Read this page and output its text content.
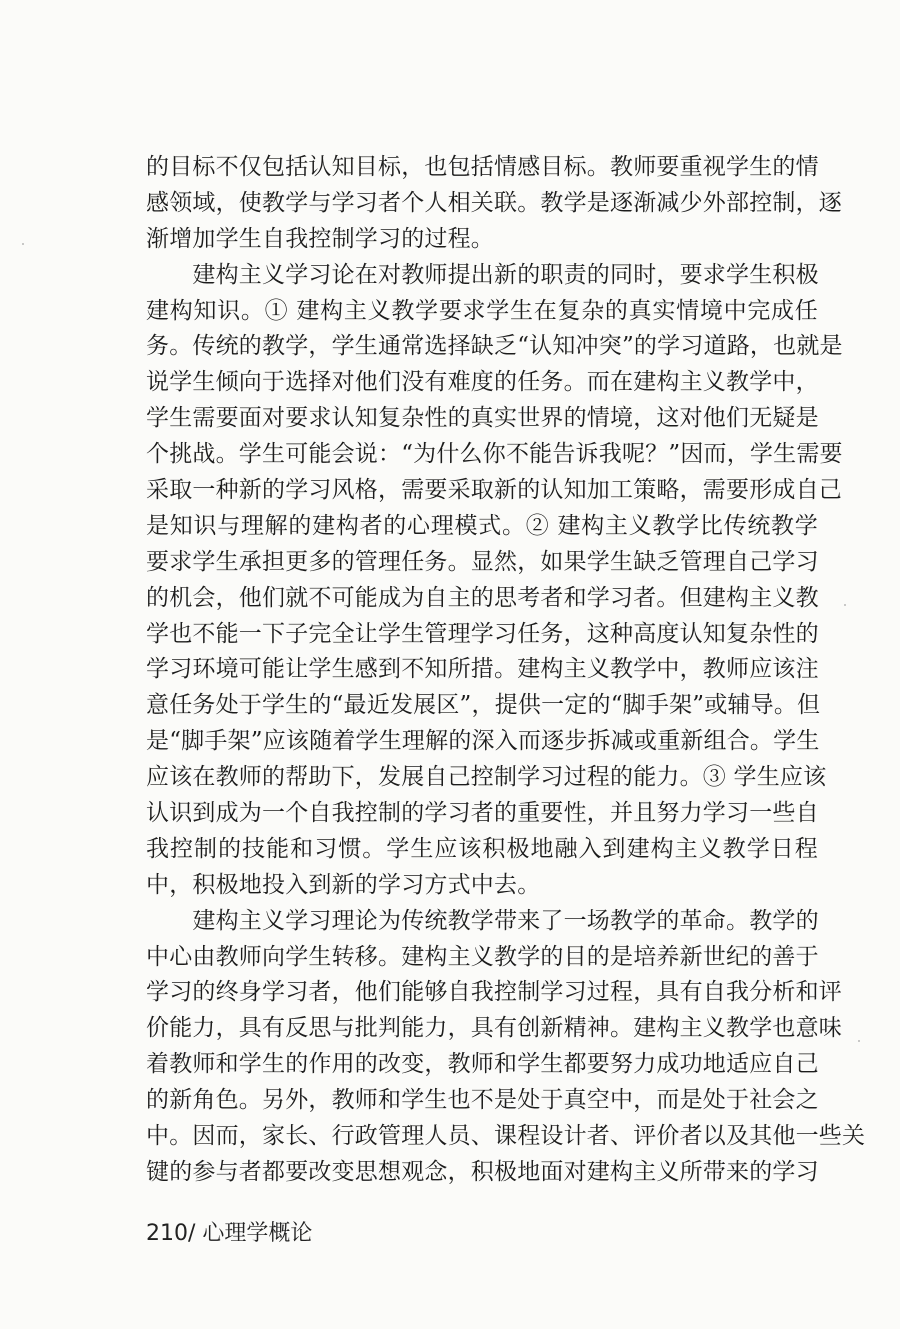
的目标不仅包括认知目标，也包括情感目标。教师要重视学生的情
感领域，使教学与学习者个人相关联。教学是逐渐减少外部控制，逐
渐增加学生自我控制学习的过程。
　　建构主义学习论在对教师提出新的职责的同时，要求学生积极
建构知识。① 建构主义教学要求学生在复杂的真实情境中完成任
务。传统的教学，学生通常选择缺乏“认知冲突”的学习道路，也就是
说学生倾向于选择对他们没有难度的任务。而在建构主义教学中，
学生需要面对要求认知复杂性的真实世界的情境，这对他们无疑是
个挑战。学生可能会说：“为什么你不能告诉我呢？”因而，学生需要
采取一种新的学习风格，需要采取新的认知加工策略，需要形成自己
是知识与理解的建构者的心理模式。② 建构主义教学比传统教学
要求学生承担更多的管理任务。显然，如果学生缺乏管理自己学习
的机会，他们就不可能成为自主的思考者和学习者。但建构主义教
学也不能一下子完全让学生管理学习任务，这种高度认知复杂性的
学习环境可能让学生感到不知所措。建构主义教学中，教师应该注
意任务处于学生的“最近发展区”，提供一定的“脚手架”或辅导。但
是“脚手架”应该随着学生理解的深入而逐步拆减或重新组合。学生
应该在教师的帮助下，发展自己控制学习过程的能力。③ 学生应该
认识到成为一个自我控制的学习者的重要性，并且努力学习一些自
我控制的技能和习惯。学生应该积极地融入到建构主义教学日程
中，积极地投入到新的学习方式中去。
　　建构主义学习理论为传统教学带来了一场教学的革命。教学的
中心由教师向学生转移。建构主义教学的目的是培养新世纪的善于
学习的终身学习者，他们能够自我控制学习过程，具有自我分析和评
价能力，具有反思与批判能力，具有创新精神。建构主义教学也意味
着教师和学生的作用的改变，教师和学生都要努力成功地适应自己
的新角色。另外，教师和学生也不是处于真空中，而是处于社会之
中。因而，家长、行政管理人员、课程设计者、评价者以及其他一些关
键的参与者都要改变思想观念，积极地面对建构主义所带来的学习
210/ 心理学概论
